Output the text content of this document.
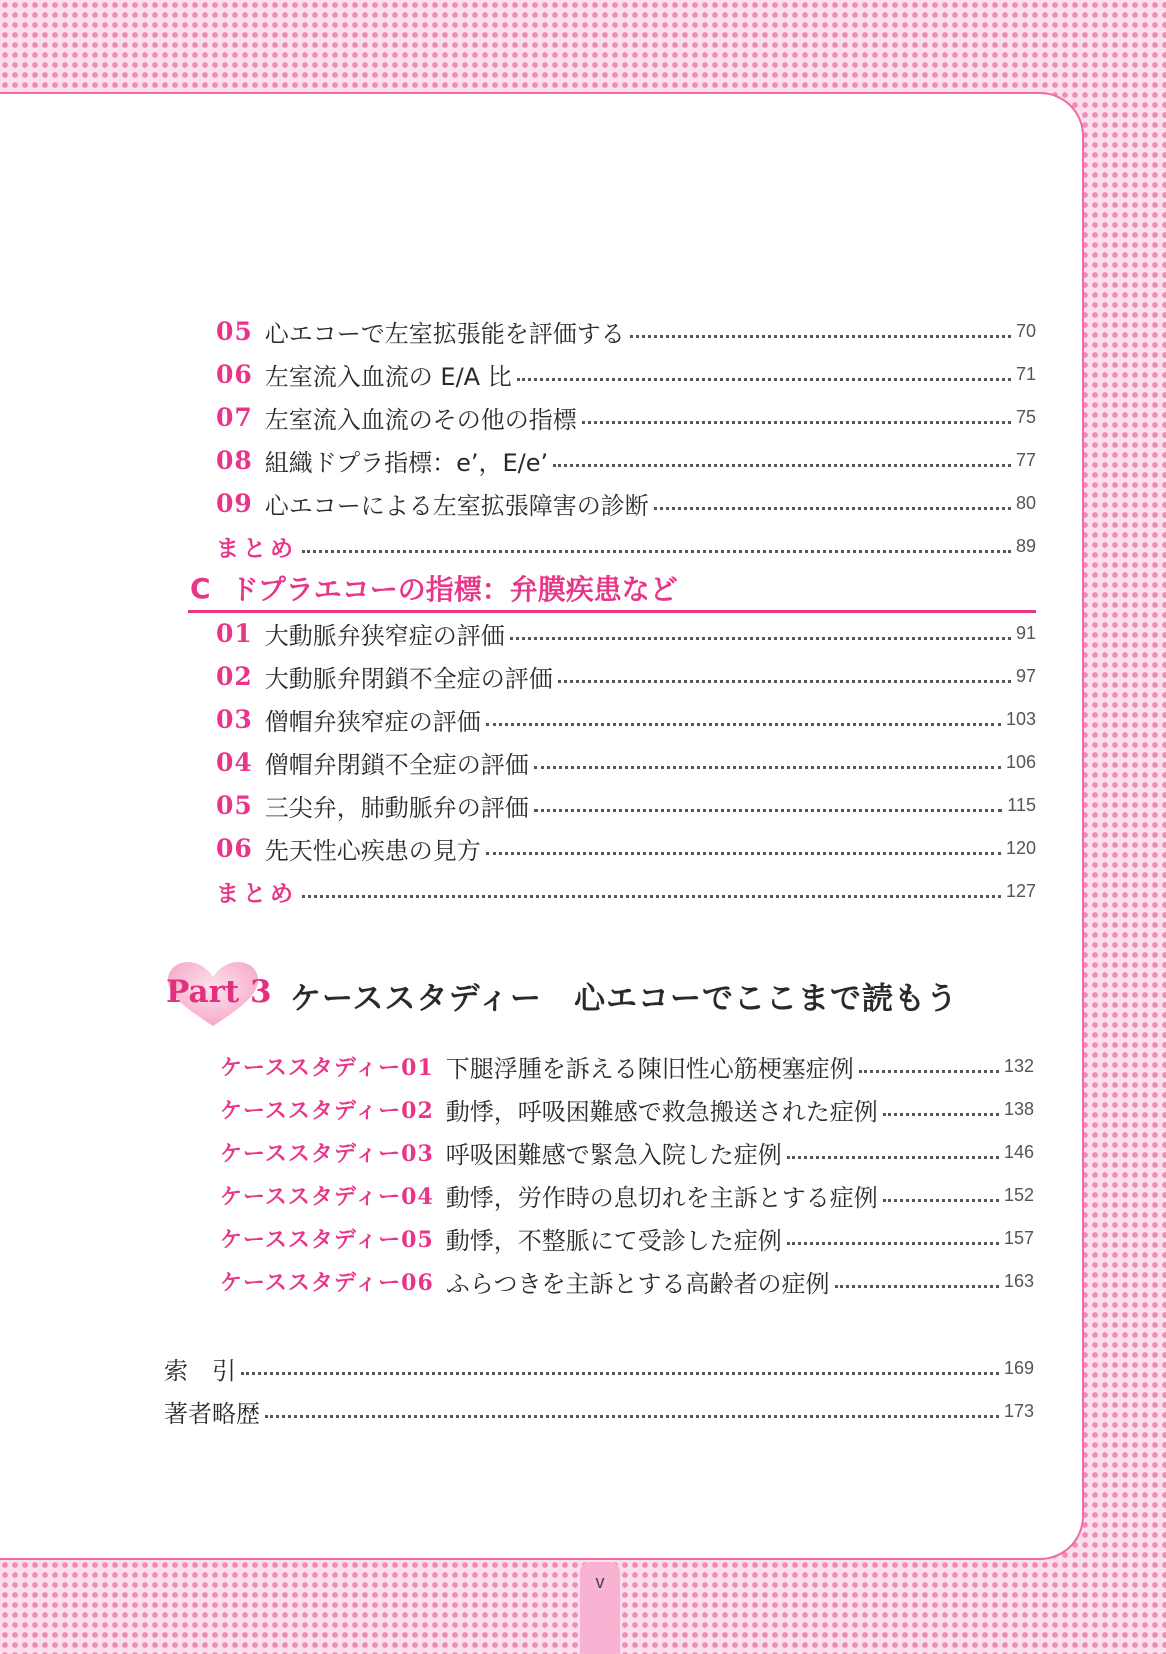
05 心エコーで左室拡張能を評価する	70
06 左室流入血流の E/A 比	71
07 左室流入血流のその他の指標	75
08 組織ドプラ指標：e’，E/e’	77
09 心エコーによる左室拡張障害の診断	80
まとめ	89
C ドプラエコーの指標：弁膜疾患など
01 大動脈弁狭窄症の評価	91
02 大動脈弁閉鎖不全症の評価	97
03 僧帽弁狭窄症の評価	103
04 僧帽弁閉鎖不全症の評価	106
05 三尖弁，肺動脈弁の評価	115
06 先天性心疾患の見方	120
まとめ	127
Part 3 ケーススタディー　心エコーでここまで読もう
ケーススタディー01 下腿浮腫を訴える陳旧性心筋梗塞症例	132
ケーススタディー02 動悸，呼吸困難感で救急搬送された症例	138
ケーススタディー03 呼吸困難感で緊急入院した症例	146
ケーススタディー04 動悸，労作時の息切れを主訴とする症例	152
ケーススタディー05 動悸，不整脈にて受診した症例	157
ケーススタディー06 ふらつきを主訴とする高齢者の症例	163
索　引	169
著者略歴	173
v
